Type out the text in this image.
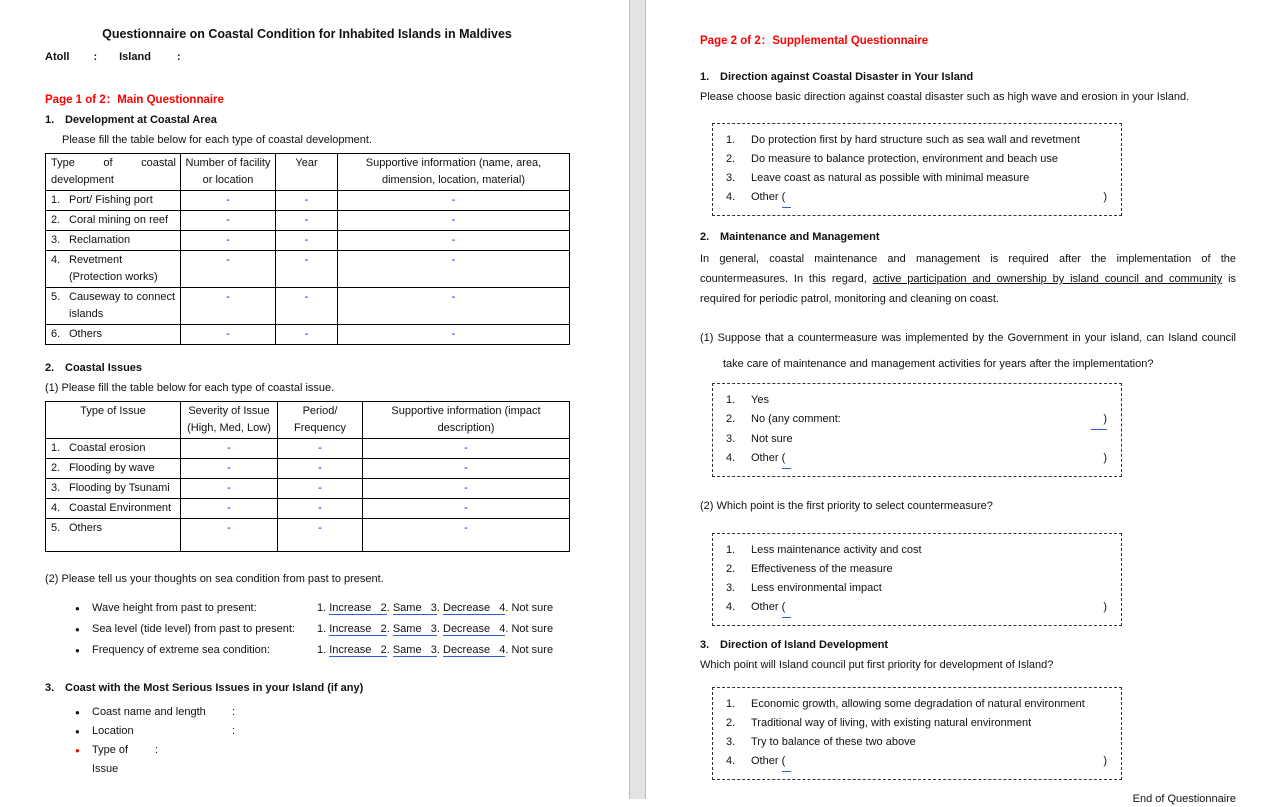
Questionnaire on Coastal Condition for Inhabited Islands in Maldives
Atoll : Island :
Page 1 of 2：Main Questionnaire
1. Development at Coastal Area
Please fill the table below for each type of coastal development.
Type of coastal development	Number of facility or location	Year	Supportive information (name, area, dimension, location, material)

1. Port/ Fishing port	-	-	-

2. Coral mining on reef	-	-	-

3. Reclamation	-	-	-

4. Revetment (Protection works)	-	-	-

5. Causeway to connect islands	-	-	-

6. Others	-	-	-
2. Coastal Issues
(1) Please fill the table below for each type of coastal issue.
Type of Issue	Severity of Issue (High, Med, Low)	Period/ Frequency	Supportive information (impact description)

1. Coastal erosion	-	-	-

2. Flooding by wave	-	-	-

3. Flooding by Tsunami	-	-	-

4. Coastal Environment	-	-	-

5. Others	-	-	-
(2) Please tell us your thoughts on sea condition from past to present.
●	Wave height from past to present:	1. Increase   2. Same   3. Decrease   4. Not sure
●	Sea level (tide level) from past to present:	1. Increase   2. Same   3. Decrease   4. Not sure
●	Frequency of extreme sea condition:	1. Increase   2. Same   3. Decrease   4. Not sure
3. Coast with the Most Serious Issues in your Island (if any)
●	Coast name and length	:
●	Location	:
●	Type of Issue
:
Page 2 of 2：Supplemental Questionnaire
1. Direction against Coastal Disaster in Your Island
Please choose basic direction against coastal disaster such as high wave and erosion in your Island.
1.	Do protection first by hard structure such as sea wall and revetment
2.	Do measure to balance protection, environment and beach use
3.	Leave coast as natural as possible with minimal measure
4.	Other (	)
2. Maintenance and Management
In general, coastal maintenance and management is required after the implementation of the countermeasures. In this regard, active participation and ownership by island council and community is required for periodic patrol, monitoring and cleaning on coast.
(1) Suppose that a countermeasure was implemented by the Government in your island, can Island council take care of maintenance and management activities for years after the implementation?
1.	Yes
2.	No (any comment:	)
3.	Not sure
4.	Other (	)
(2) Which point is the first priority to select countermeasure?
1.	Less maintenance activity and cost
2.	Effectiveness of the measure
3.	Less environmental impact
4.	Other (	)
3. Direction of Island Development
Which point will Island council put first priority for development of Island?
1.	Economic growth, allowing some degradation of natural environment
2.	Traditional way of living, with existing natural environment
3.	Try to balance of these two above
4.	Other (	)
End of Questionnaire
